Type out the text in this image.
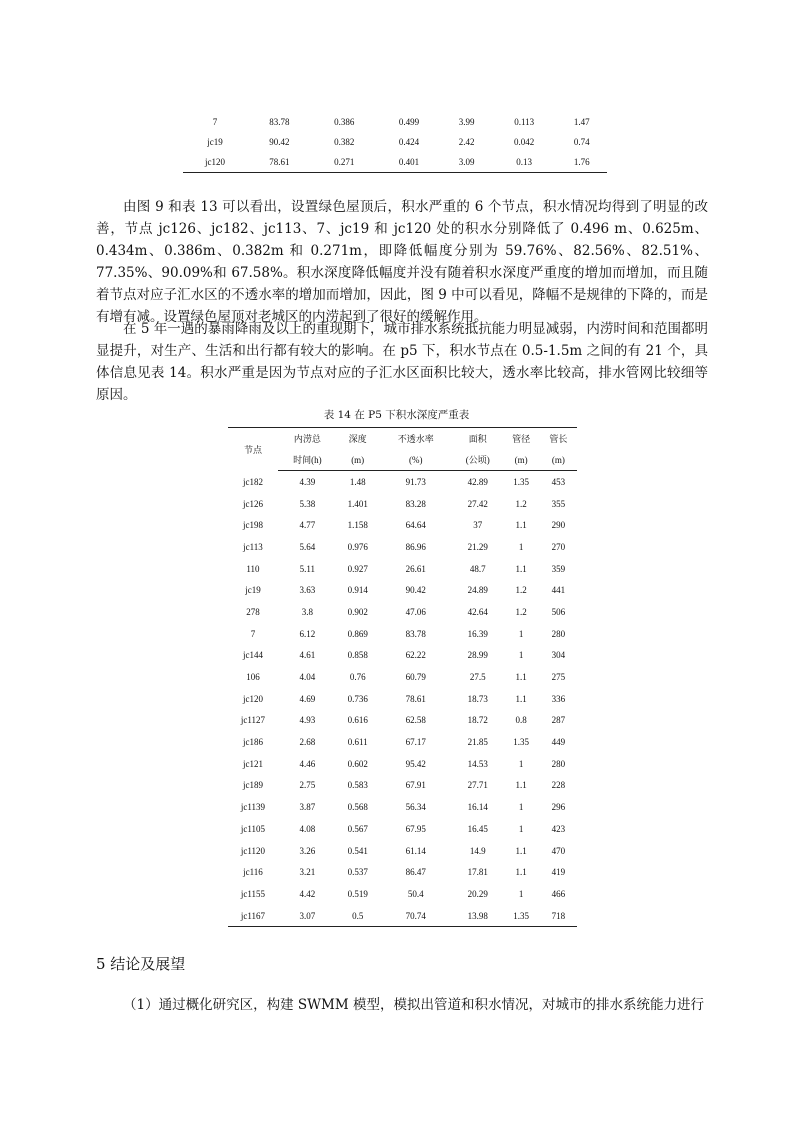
7	83.78	0.386	0.499	3.99	0.113	1.47
jc19	90.42	0.382	0.424	2.42	0.042	0.74
jc120	78.61	0.271	0.401	3.09	0.13	1.76

由图 9 和表 13 可以看出，设置绿色屋顶后，积水严重的 6 个节点，积水情况均得到了明显的改善，节点 jc126、jc182、jc113、7、jc19 和 jc120 处的积水分别降低了 0.496 m、0.625m、0.434m、0.386m、0.382m 和 0.271m，即降低幅度分别为 59.76%、82.56%、82.51%、77.35%、90.09%和 67.58%。积水深度降低幅度并没有随着积水深度严重度的增加而增加，而且随着节点对应子汇水区的不透水率的增加而增加，因此，图 9 中可以看见，降幅不是规律的下降的，而是有增有减。设置绿色屋顶对老城区的内涝起到了很好的缓解作用。

在 5 年一遇的暴雨降雨及以上的重现期下，城市排水系统抵抗能力明显减弱，内涝时间和范围都明显提升，对生产、生活和出行都有较大的影响。在 p5 下，积水节点在 0.5-1.5m 之间的有 21 个，具体信息见表 14。积水严重是因为节点对应的子汇水区面积比较大，透水率比较高，排水管网比较细等原因。

表 14 在 P5 下积水深度严重表

节点	内涝总	深度	不透水率	面积	管径	管长
	时间(h)	(m)	(%)	(公顷)	(m)	(m)
jc182	4.39	1.48	91.73	42.89	1.35	453
jc126	5.38	1.401	83.28	27.42	1.2	355
jc198	4.77	1.158	64.64	37	1.1	290
jc113	5.64	0.976	86.96	21.29	1	270
110	5.11	0.927	26.61	48.7	1.1	359
jc19	3.63	0.914	90.42	24.89	1.2	441
278	3.8	0.902	47.06	42.64	1.2	506
7	6.12	0.869	83.78	16.39	1	280
jc144	4.61	0.858	62.22	28.99	1	304
106	4.04	0.76	60.79	27.5	1.1	275
jc120	4.69	0.736	78.61	18.73	1.1	336
jc1127	4.93	0.616	62.58	18.72	0.8	287
jc186	2.68	0.611	67.17	21.85	1.35	449
jc121	4.46	0.602	95.42	14.53	1	280
jc189	2.75	0.583	67.91	27.71	1.1	228
jc1139	3.87	0.568	56.34	16.14	1	296
jc1105	4.08	0.567	67.95	16.45	1	423
jc1120	3.26	0.541	61.14	14.9	1.1	470
jc116	3.21	0.537	86.47	17.81	1.1	419
jc1155	4.42	0.519	50.4	20.29	1	466
jc1167	3.07	0.5	70.74	13.98	1.35	718
5 结论及展望

（1）通过概化研究区，构建 SWMM 模型，模拟出管道和积水情况，对城市的排水系统能力进行
